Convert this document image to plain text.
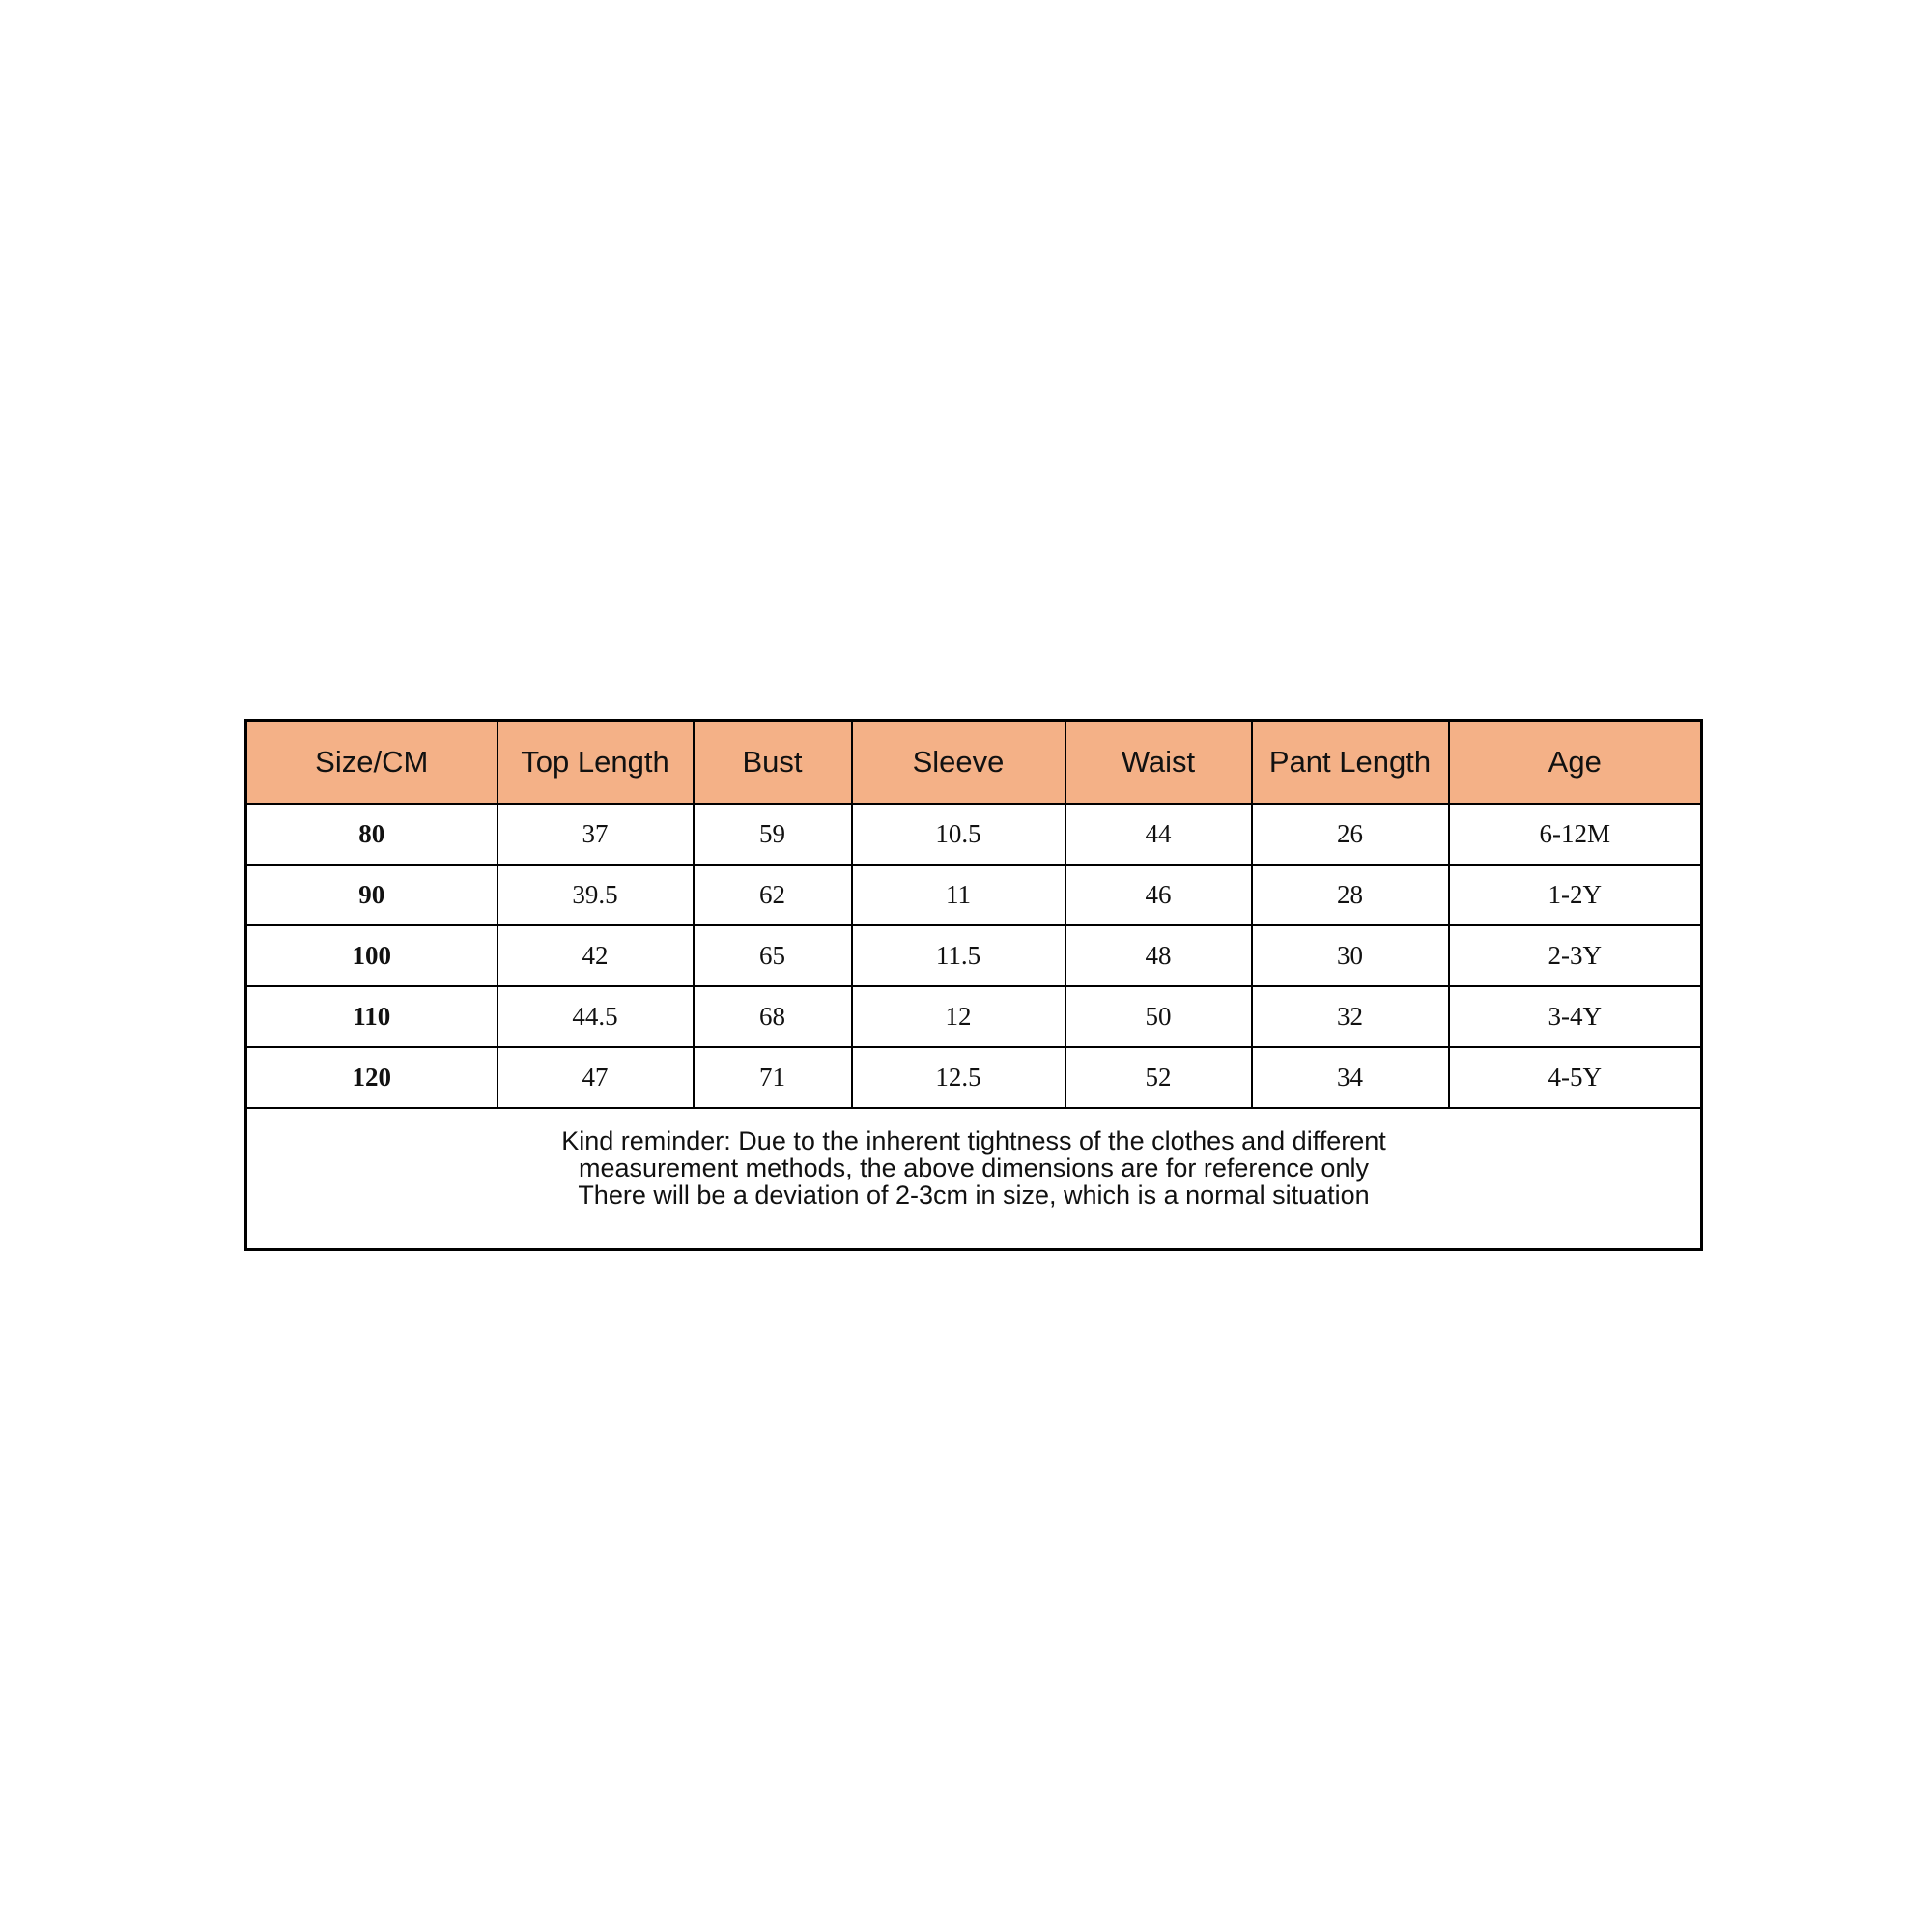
Size/CM	Top Length	Bust	Sleeve	Waist	Pant Length	Age
80	37	59	10.5	44	26	6-12M
90	39.5	62	11	46	28	1-2Y
100	42	65	11.5	48	30	2-3Y
110	44.5	68	12	50	32	3-4Y
120	47	71	12.5	52	34	4-5Y

Kind reminder: Due to the inherent tightness of the clothes and different
measurement methods, the above dimensions are for reference only
There will be a deviation of 2-3cm in size, which is a normal situation						
